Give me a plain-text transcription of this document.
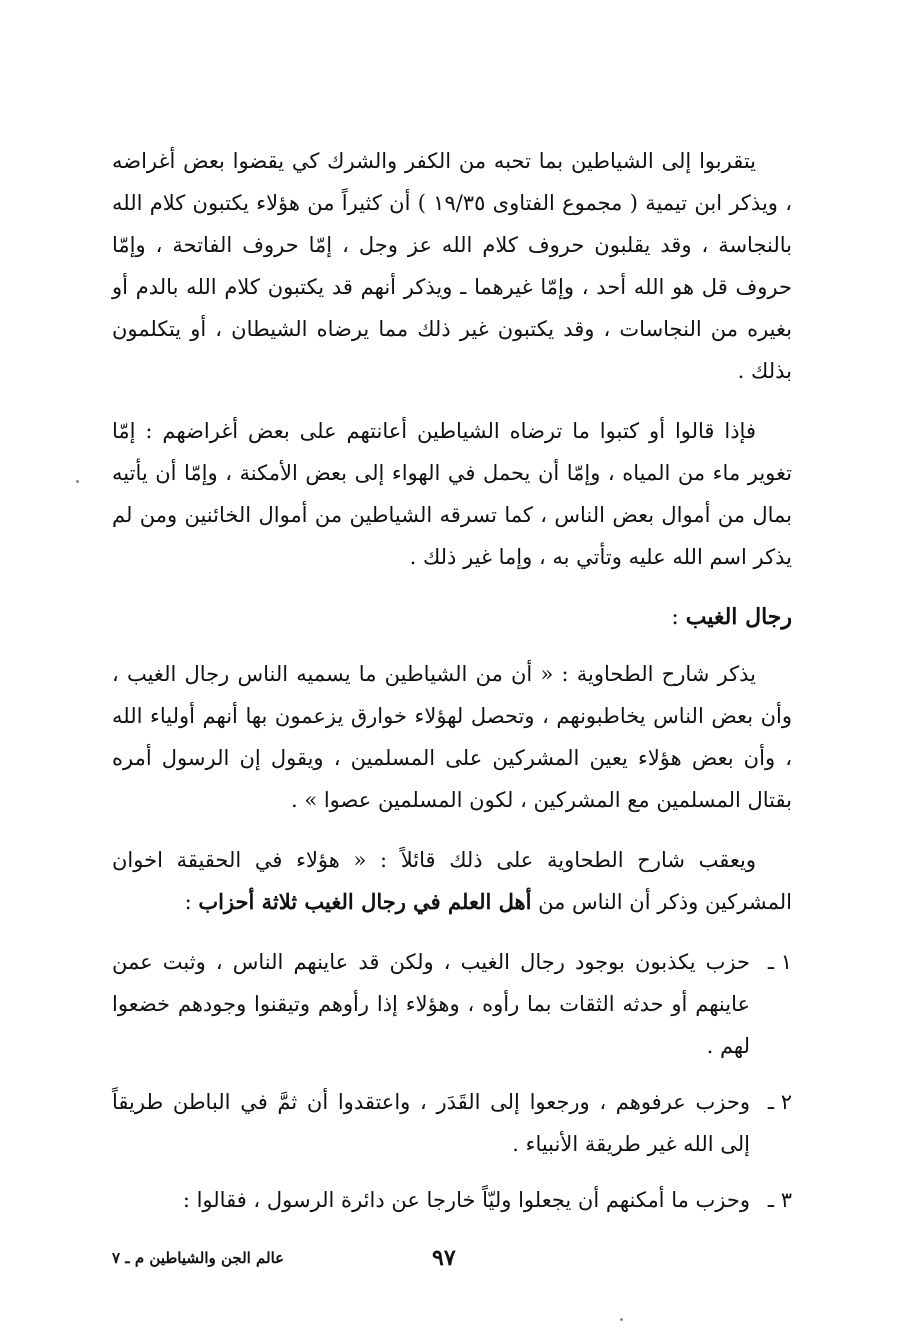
يتقربوا إلى الشياطين بما تحبه من الكفر والشرك كي يقضوا بعض أغراضه ، ويذكر ابن تيمية ( مجموع الفتاوى ١٩/٣٥ ) أن كثيراً من هؤلاء يكتبون كلام الله بالنجاسة ، وقد يقلبون حروف كلام الله عز وجل ، إمّا حروف الفاتحة ، وإمّا حروف قل هو الله أحد ، وإمّا غيرهما ـ ويذكر أنهم قد يكتبون كلام الله بالدم أو بغيره من النجاسات ، وقد يكتبون غير ذلك مما يرضاه الشيطان ، أو يتكلمون بذلك .

فإذا قالوا أو كتبوا ما ترضاه الشياطين أعانتهم على بعض أغراضهم : إمّا تغوير ماء من المياه ، وإمّا أن يحمل في الهواء إلى بعض الأمكنة ، وإمّا أن يأتيه بمال من أموال بعض الناس ، كما تسرقه الشياطين من أموال الخائنين ومن لم يذكر اسم الله عليه وتأتي به ، وإما غير ذلك .

رجال الغيب :

يذكر شارح الطحاوية : « أن من الشياطين ما يسميه الناس رجال الغيب ، وأن بعض الناس يخاطبونهم ، وتحصل لهؤلاء خوارق يزعمون بها أنهم أولياء الله ، وأن بعض هؤلاء يعين المشركين على المسلمين ، ويقول إن الرسول أمره بقتال المسلمين مع المشركين ، لكون المسلمين عصوا » .

ويعقب شارح الطحاوية على ذلك قائلاً : « هؤلاء في الحقيقة اخوان المشركين وذكر أن الناس من أهل العلم في رجال الغيب ثلاثة أحزاب :

١ ـ
حزب يكذبون بوجود رجال الغيب ، ولكن قد عاينهم الناس ، وثبت عمن عاينهم أو حدثه الثقات بما رأوه ، وهؤلاء إذا رأوهم وتيقنوا وجودهم خضعوا لهم .
٢ ـ
وحزب عرفوهم ، ورجعوا إلى القَدَر ، واعتقدوا أن ثمَّ في الباطن طريقاً إلى الله غير طريقة الأنبياء .
٣ ـ
وحزب ما أمكنهم أن يجعلوا وليّاً خارجا عن دائرة الرسول ، فقالوا :
٩٧
عالم الجن والشياطين م ـ ٧
